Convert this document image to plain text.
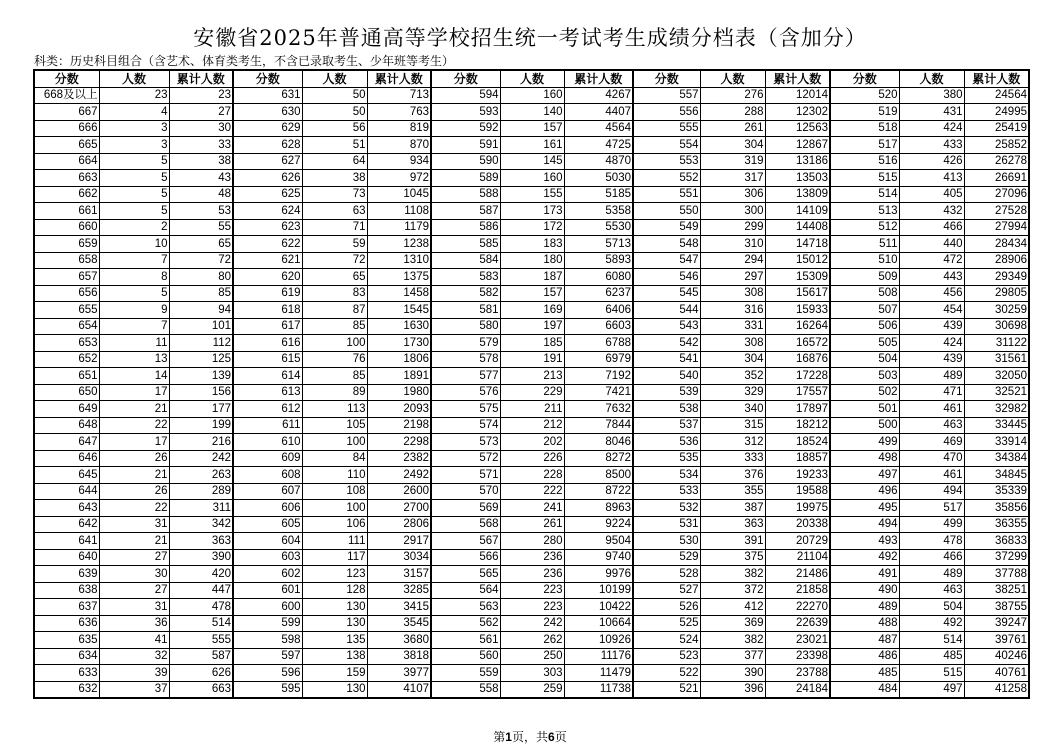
安徽省2025年普通高等学校招生统一考试考生成绩分档表（含加分）
科类：历史科目组合（含艺术、体育类考生，不含已录取考生、少年班等考生）
分数	人数	累计人数	分数	人数	累计人数	分数	人数	累计人数	分数	人数	累计人数	分数	人数	累计人数
668及以上	23	23	631	50	713	594	160	4267	557	276	12014	520	380	24564
667	4	27	630	50	763	593	140	4407	556	288	12302	519	431	24995
666	3	30	629	56	819	592	157	4564	555	261	12563	518	424	25419
665	3	33	628	51	870	591	161	4725	554	304	12867	517	433	25852
664	5	38	627	64	934	590	145	4870	553	319	13186	516	426	26278
663	5	43	626	38	972	589	160	5030	552	317	13503	515	413	26691
662	5	48	625	73	1045	588	155	5185	551	306	13809	514	405	27096
661	5	53	624	63	1108	587	173	5358	550	300	14109	513	432	27528
660	2	55	623	71	1179	586	172	5530	549	299	14408	512	466	27994
659	10	65	622	59	1238	585	183	5713	548	310	14718	511	440	28434
658	7	72	621	72	1310	584	180	5893	547	294	15012	510	472	28906
657	8	80	620	65	1375	583	187	6080	546	297	15309	509	443	29349
656	5	85	619	83	1458	582	157	6237	545	308	15617	508	456	29805
655	9	94	618	87	1545	581	169	6406	544	316	15933	507	454	30259
654	7	101	617	85	1630	580	197	6603	543	331	16264	506	439	30698
653	11	112	616	100	1730	579	185	6788	542	308	16572	505	424	31122
652	13	125	615	76	1806	578	191	6979	541	304	16876	504	439	31561
651	14	139	614	85	1891	577	213	7192	540	352	17228	503	489	32050
650	17	156	613	89	1980	576	229	7421	539	329	17557	502	471	32521
649	21	177	612	113	2093	575	211	7632	538	340	17897	501	461	32982
648	22	199	611	105	2198	574	212	7844	537	315	18212	500	463	33445
647	17	216	610	100	2298	573	202	8046	536	312	18524	499	469	33914
646	26	242	609	84	2382	572	226	8272	535	333	18857	498	470	34384
645	21	263	608	110	2492	571	228	8500	534	376	19233	497	461	34845
644	26	289	607	108	2600	570	222	8722	533	355	19588	496	494	35339
643	22	311	606	100	2700	569	241	8963	532	387	19975	495	517	35856
642	31	342	605	106	2806	568	261	9224	531	363	20338	494	499	36355
641	21	363	604	111	2917	567	280	9504	530	391	20729	493	478	36833
640	27	390	603	117	3034	566	236	9740	529	375	21104	492	466	37299
639	30	420	602	123	3157	565	236	9976	528	382	21486	491	489	37788
638	27	447	601	128	3285	564	223	10199	527	372	21858	490	463	38251
637	31	478	600	130	3415	563	223	10422	526	412	22270	489	504	38755
636	36	514	599	130	3545	562	242	10664	525	369	22639	488	492	39247
635	41	555	598	135	3680	561	262	10926	524	382	23021	487	514	39761
634	32	587	597	138	3818	560	250	11176	523	377	23398	486	485	40246
633	39	626	596	159	3977	559	303	11479	522	390	23788	485	515	40761
632	37	663	595	130	4107	558	259	11738	521	396	24184	484	497	41258
第1页，共6页
